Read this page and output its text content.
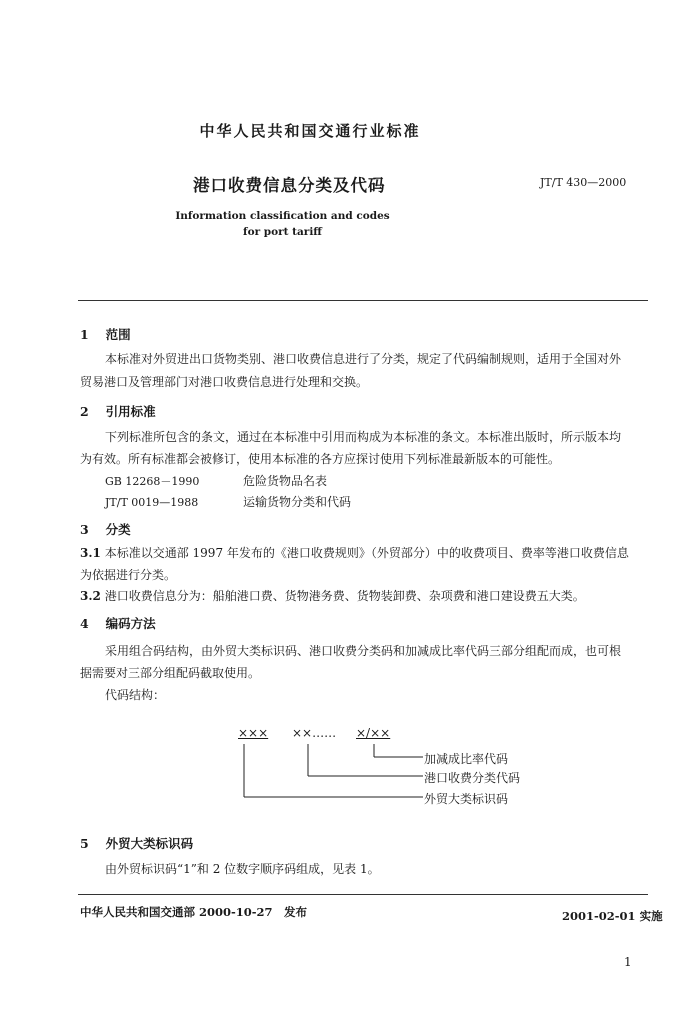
中华人民共和国交通行业标准
港口收费信息分类及代码	JT/T 430—2000
Information classification and codes
for port tariff
1　 范围
本标准对外贸进出口货物类别、港口收费信息进行了分类，规定了代码编制规则，适用于全国对外
贸易港口及管理部门对港口收费信息进行处理和交换。
2　 引用标准
下列标准所包含的条文，通过在本标准中引用而构成为本标准的条文。本标准出版时，所示版本均
为有效。所有标准都会被修订，使用本标准的各方应探讨使用下列标准最新版本的可能性。
GB 12268－1990	危险货物品名表
JT/T 0019—1988	运输货物分类和代码
3　 分类
3.1 本标准以交通部 1997 年发布的《港口收费规则》（外贸部分）中的收费项目、费率等港口收费信息
为依据进行分类。
3.2 港口收费信息分为：船舶港口费、货物港务费、货物装卸费、杂项费和港口建设费五大类。
4　 编码方法
采用组合码结构，由外贸大类标识码、港口收费分类码和加减成比率代码三部分组配而成，也可根
据需要对三部分组配码截取使用。
代码结构：
××× ××…… ×/××
加减成比率代码
港口收费分类代码
外贸大类标识码
5　 外贸大类标识码
由外贸标识码“1”和 2 位数字顺序码组成，见表 1。
中华人民共和国交通部 2000-10-27　发布	2001-02-01 实施
1
